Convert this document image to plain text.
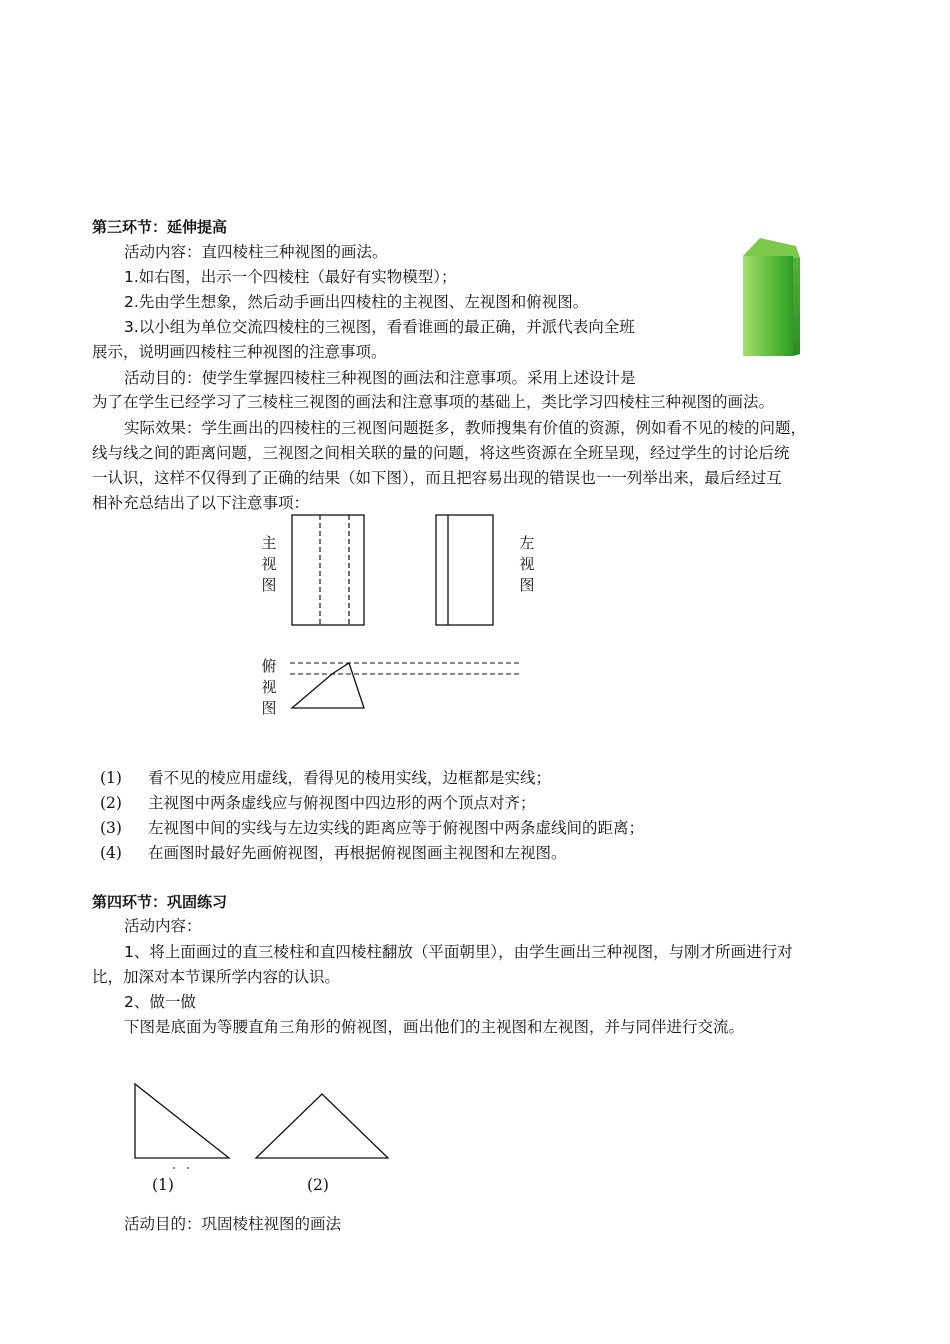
第三环节：延伸提高
活动内容：直四棱柱三种视图的画法。
1.如右图，出示一个四棱柱（最好有实物模型）；
2.先由学生想象，然后动手画出四棱柱的主视图、左视图和俯视图。
3.以小组为单位交流四棱柱的三视图，看看谁画的最正确，并派代表向全班
展示，说明画四棱柱三种视图的注意事项。
活动目的：使学生掌握四棱柱三种视图的画法和注意事项。采用上述设计是
为了在学生已经学习了三棱柱三视图的画法和注意事项的基础上，类比学习四棱柱三种视图的画法。
实际效果：学生画出的四棱柱的三视图问题挺多，教师搜集有价值的资源，例如看不见的棱的问题，
线与线之间的距离问题，三视图之间相关联的量的问题，将这些资源在全班呈现，经过学生的讨论后统
一认识，这样不仅得到了正确的结果（如下图），而且把容易出现的错误也一一列举出来，最后经过互
相补充总结出了以下注意事项：
主
视
图
左
视
图
俯
视
图
(1) 看不见的棱应用虚线，看得见的棱用实线，边框都是实线；
(2) 主视图中两条虚线应与俯视图中四边形的两个顶点对齐；
(3) 左视图中间的实线与左边实线的距离应等于俯视图中两条虚线间的距离；
(4) 在画图时最好先画俯视图，再根据俯视图画主视图和左视图。
第四环节：巩固练习
活动内容：
1、将上面画过的直三棱柱和直四棱柱翻放（平面朝里），由学生画出三种视图，与刚才所画进行对
比，加深对本节课所学内容的认识。
2、做一做
下图是底面为等腰直角三角形的俯视图，画出他们的主视图和左视图，并与同伴进行交流。
(1)	(2)
活动目的：巩固棱柱视图的画法
